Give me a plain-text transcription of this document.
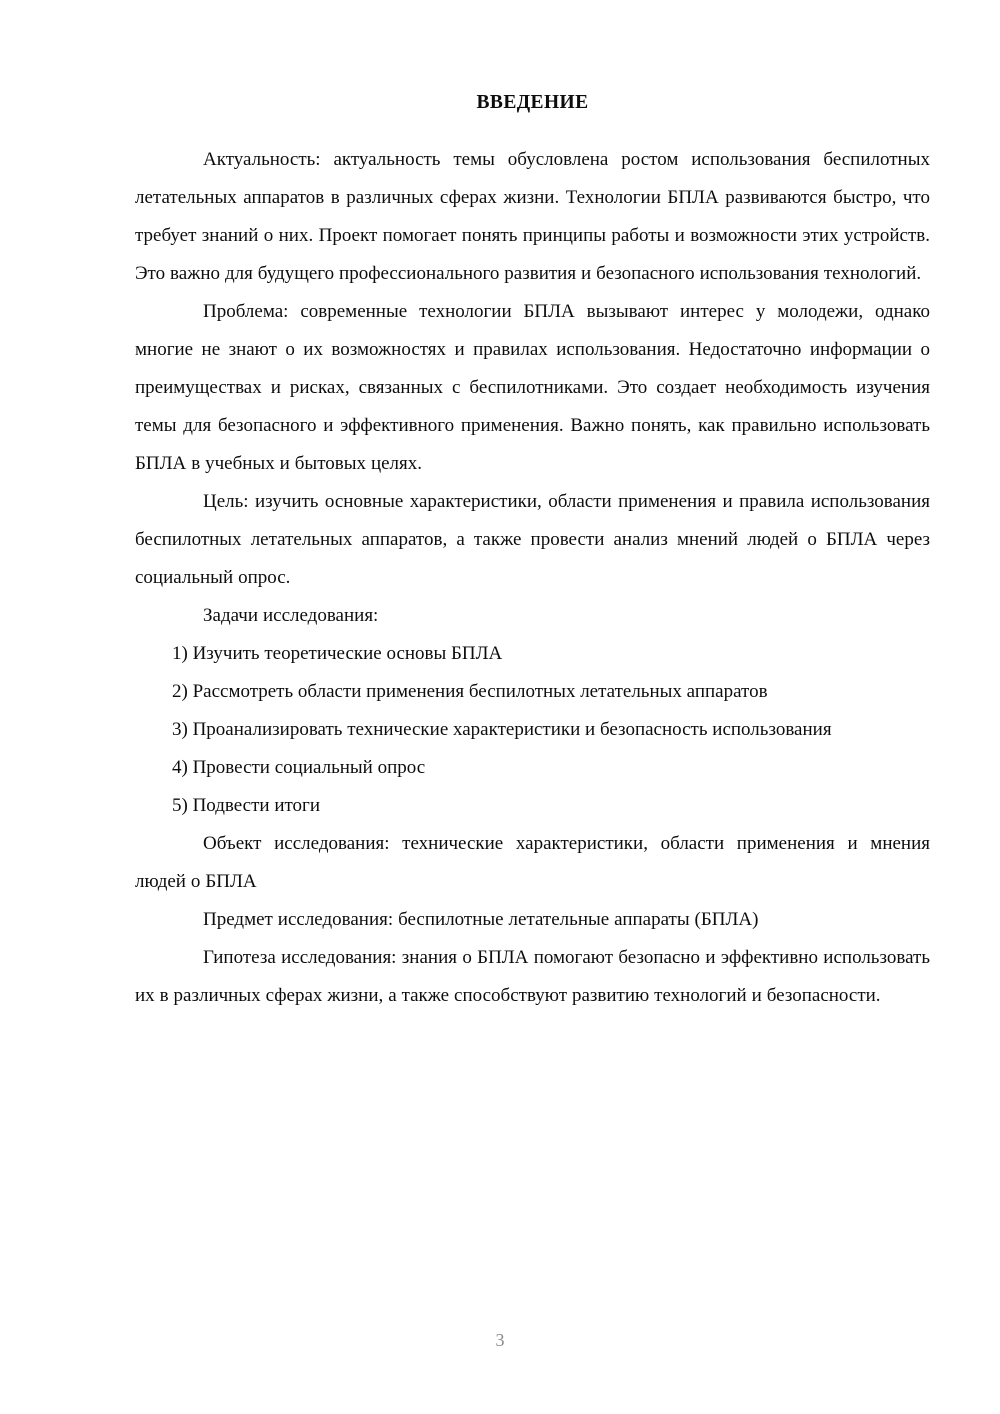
ВВЕДЕНИЕ

Актуальность: актуальность темы обусловлена ростом использования беспилотных летательных аппаратов в различных сферах жизни. Технологии БПЛА развиваются быстро, что требует знаний о них. Проект помогает понять принципы работы и возможности этих устройств. Это важно для будущего профессионального развития и безопасного использования технологий.

Проблема: современные технологии БПЛА вызывают интерес у молодежи, однако многие не знают о их возможностях и правилах использования. Недостаточно информации о преимуществах и рисках, связанных с беспилотниками. Это создает необходимость изучения темы для безопасного и эффективного применения. Важно понять, как правильно использовать БПЛА в учебных и бытовых целях.

Цель: изучить основные характеристики, области применения и правила использования беспилотных летательных аппаратов, а также провести анализ мнений людей о БПЛА через социальный опрос.

Задачи исследования:

1) Изучить теоретические основы БПЛА

2) Рассмотреть области применения беспилотных летательных аппаратов

3) Проанализировать технические характеристики и безопасность использования

4) Провести социальный опрос

5) Подвести итоги

Объект исследования: технические характеристики, области применения и мнения людей о БПЛА

Предмет исследования: беспилотные летательные аппараты (БПЛА)

Гипотеза исследования: знания о БПЛА помогают безопасно и эффективно использовать их в различных сферах жизни, а также способствуют развитию технологий и безопасности.

3
